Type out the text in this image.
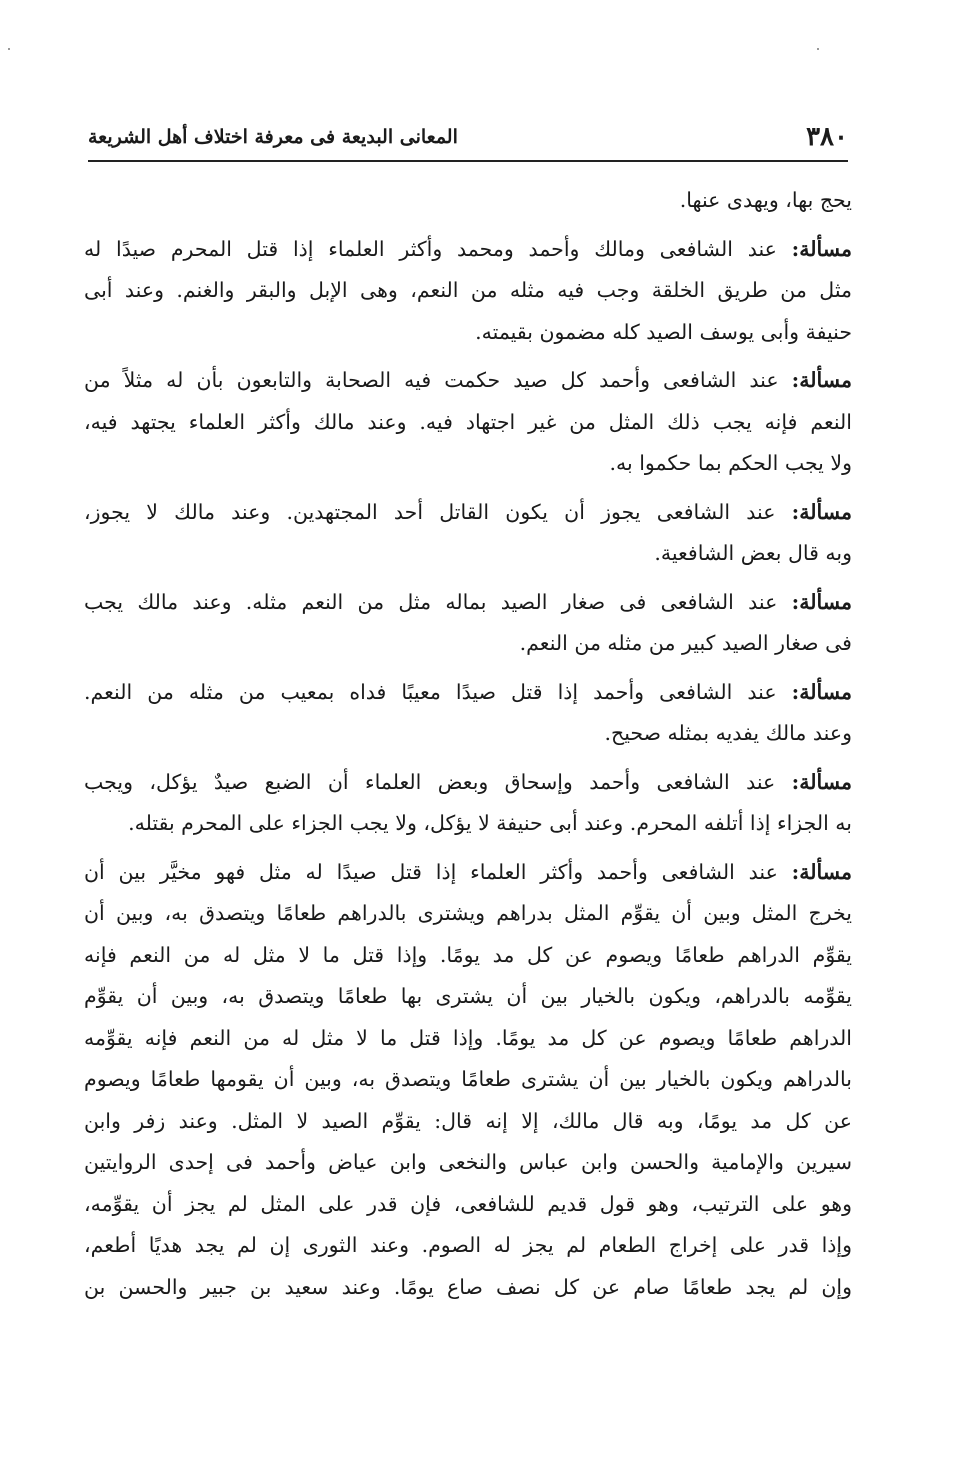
٣٨٠
المعانى البديعة فى معرفة اختلاف أهل الشريعة
يحج بها، ويهدى عنها.
مسألة: عند الشافعى ومالك وأحمد ومحمد وأكثر العلماء إذا قتل المحرم صيدًا له
مثل من طريق الخلقة وجب فيه مثله من النعم، وهى الإبل والبقر والغنم. وعند أبى
حنيفة وأبى يوسف الصيد كله مضمون بقيمته.
مسألة: عند الشافعى وأحمد كل صيد حكمت فيه الصحابة والتابعون بأن له مثلاً من
النعم فإنه يجب ذلك المثل من غير اجتهاد فيه. وعند مالك وأكثر العلماء يجتهد فيه،
ولا يجب الحكم بما حكموا به.
مسألة: عند الشافعى يجوز أن يكون القاتل أحد المجتهدين. وعند مالك لا يجوز،
وبه قال بعض الشافعية.
مسألة: عند الشافعى فى صغار الصيد بماله مثل من النعم مثله. وعند مالك يجب
فى صغار الصيد كبير من مثله من النعم.
مسألة: عند الشافعى وأحمد إذا قتل صيدًا معيبًا فداه بمعيب من مثله من النعم.
وعند مالك يفديه بمثله صحيح.
مسألة: عند الشافعى وأحمد وإسحاق وبعض العلماء أن الضبع صيدٌ يؤكل، ويجب
به الجزاء إذا أتلفه المحرم. وعند أبى حنيفة لا يؤكل، ولا يجب الجزاء على المحرم بقتله.
مسألة: عند الشافعى وأحمد وأكثر العلماء إذا قتل صيدًا له مثل فهو مخيَّر بين أن
يخرج المثل وبين أن يقوِّم المثل بدراهم ويشترى بالدراهم طعامًا ويتصدق به، وبين أن
يقوِّم الدراهم طعامًا ويصوم عن كل مد يومًا. وإذا قتل ما لا مثل له من النعم فإنه
يقوِّمه بالدراهم، ويكون بالخيار بين أن يشترى بها طعامًا ويتصدق به، وبين أن يقوِّم
الدراهم طعامًا ويصوم عن كل مد يومًا. وإذا قتل ما لا مثل له من النعم فإنه يقوِّمه
بالدراهم ويكون بالخيار بين أن يشترى طعامًا ويتصدق به، وبين أن يقومها طعامًا ويصوم
عن كل مد يومًا، وبه قال مالك، إلا إنه قال: يقوِّم الصيد لا المثل. وعند زفر وابن
سيرين والإمامية والحسن وابن عباس والنخعى وابن عياض وأحمد فى إحدى الروايتين
وهو على الترتيب، وهو قول قديم للشافعى، فإن قدر على المثل لم يجز أن يقوِّمه،
وإذا قدر على إخراج الطعام لم يجز له الصوم. وعند الثورى إن لم يجد هديًا أطعم،
وإن لم يجد طعامًا صام عن كل نصف صاع يومًا. وعند سعيد بن جبير والحسن بن
